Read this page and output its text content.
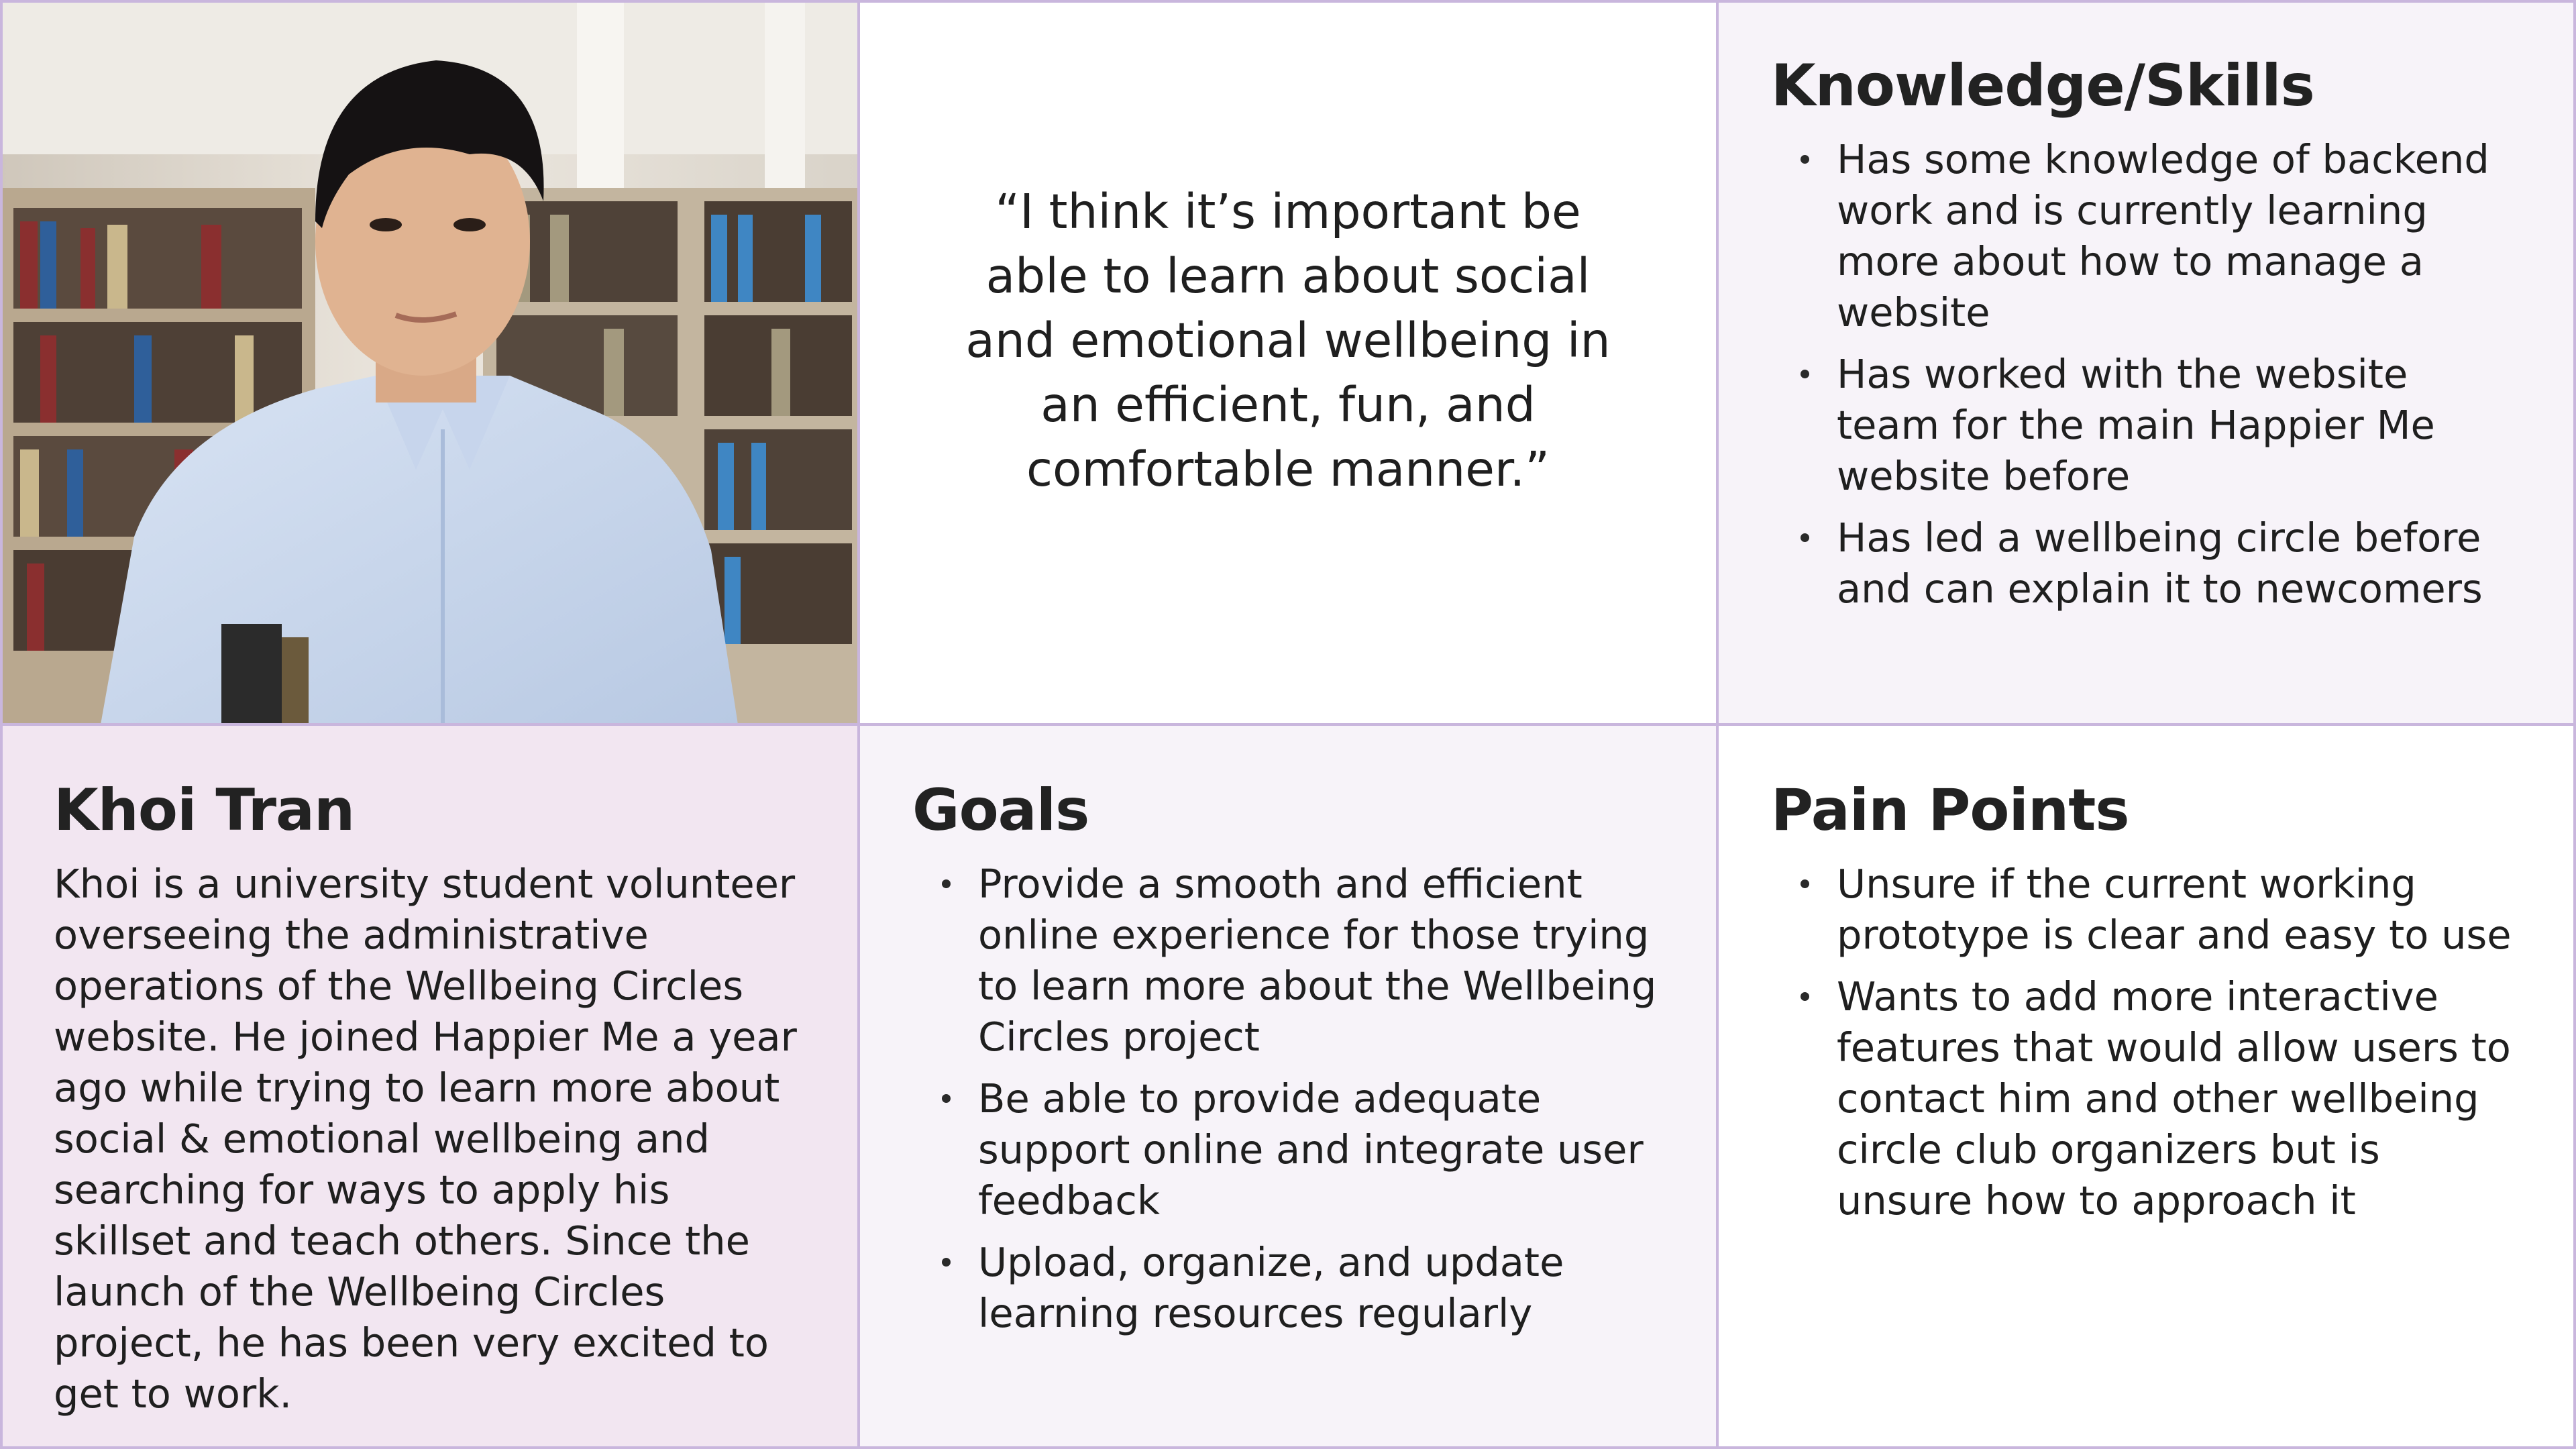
“I think it’s important be able to learn about social and emotional wellbeing in an efficient, fun, and comfortable manner.”

Knowledge/Skills
Has some knowledge of backend work and is currently learning more about how to manage a website
Has worked with the website team for the main Happier Me website before
Has led a wellbeing circle before and can explain it to newcomers
Khoi Tran

Khoi is a university student volunteer overseeing the administrative operations of the Wellbeing Circles website. He joined Happier Me a year ago while trying to learn more about social & emotional wellbeing and searching for ways to apply his skillset and teach others. Since the launch of the Wellbeing Circles project, he has been very excited to get to work.

Goals
Provide a smooth and efficient online experience for those trying to learn more about the Wellbeing Circles project
Be able to provide adequate support online and integrate user feedback
Upload, organize, and update learning resources regularly
Pain Points
Unsure if the current working prototype is clear and easy to use
Wants to add more interactive features that would allow users to contact him and other wellbeing circle club organizers but is unsure how to approach it
